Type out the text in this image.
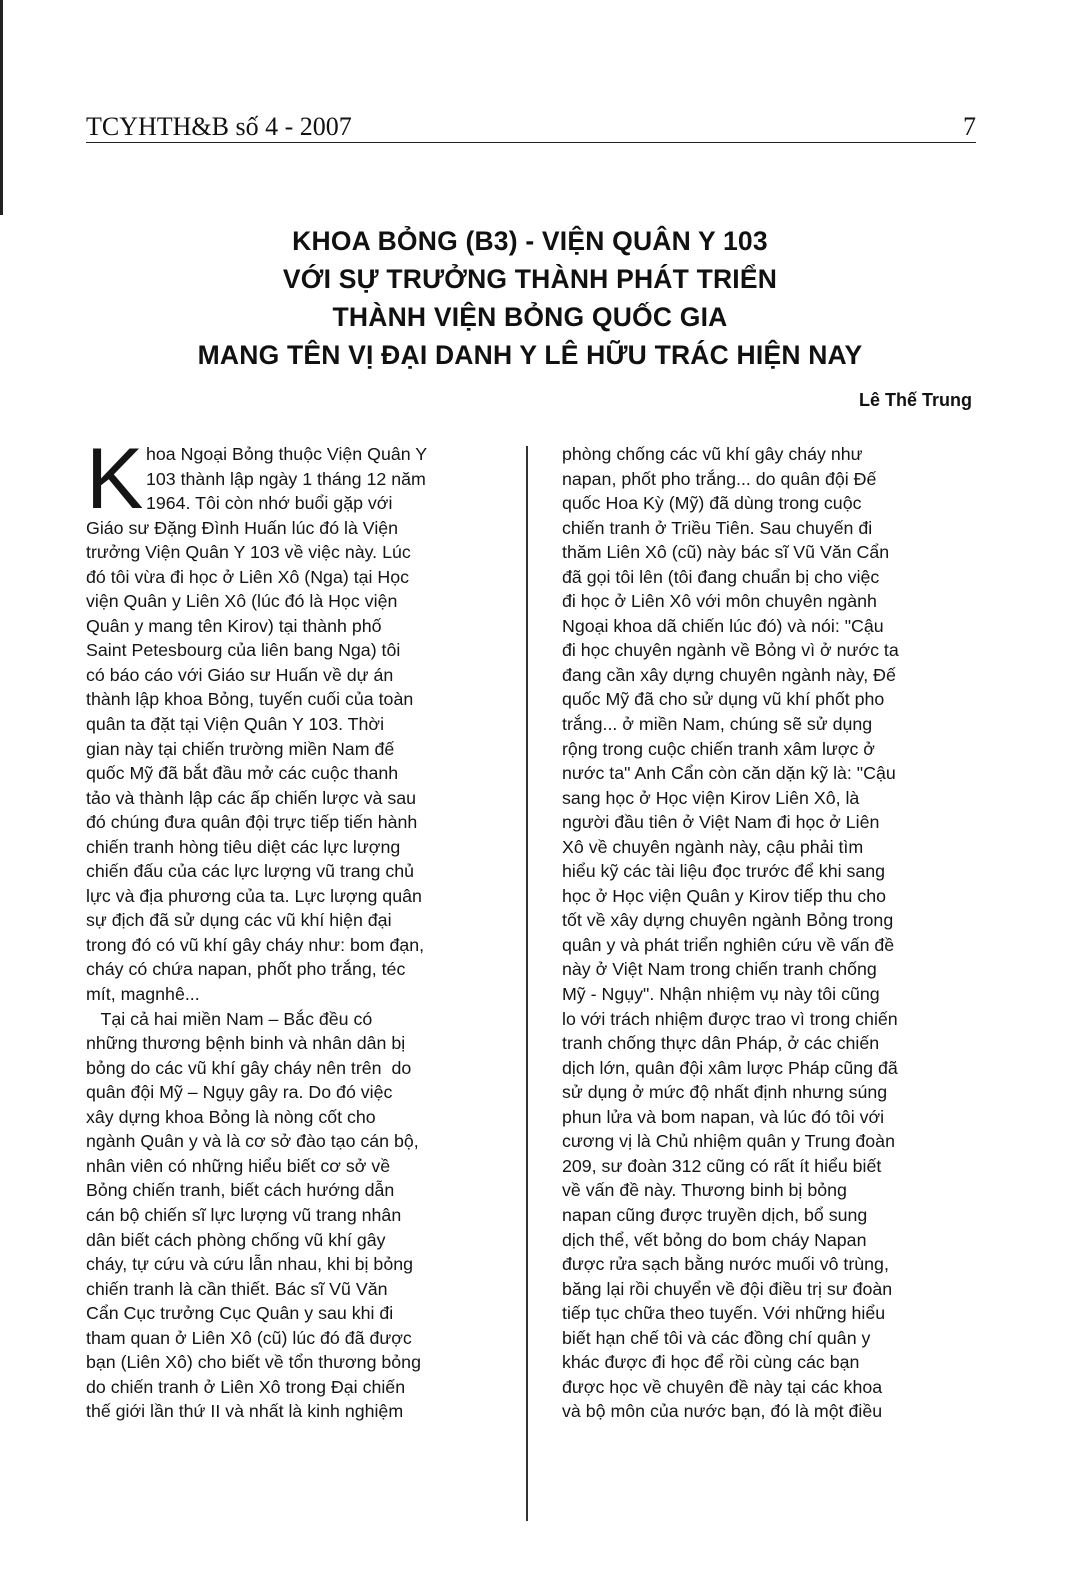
TCYHTH&B số 4 - 2007	7
KHOA BỎNG (B3) - VIỆN QUÂN Y 103
VỚI SỰ TRƯỞNG THÀNH PHÁT TRIỂN
THÀNH VIỆN BỎNG QUỐC GIA
MANG TÊN VỊ ĐẠI DANH Y LÊ HỮU TRÁC HIỆN NAY
Lê Thế Trung
K hoa Ngoại Bỏng thuộc Viện Quân Y
103 thành lập ngày 1 tháng 12 năm
1964. Tôi còn nhớ buổi gặp với
Giáo sư Đặng Đình Huấn lúc đó là Viện
trưởng Viện Quân Y 103 về việc này. Lúc
đó tôi vừa đi học ở Liên Xô (Nga) tại Học
viện Quân y Liên Xô (lúc đó là Học viện
Quân y mang tên Kirov) tại thành phố
Saint Petesbourg của liên bang Nga) tôi
có báo cáo với Giáo sư Huấn về dự án
thành lập khoa Bỏng, tuyến cuối của toàn
quân ta đặt tại Viện Quân Y 103. Thời
gian này tại chiến trường miền Nam đế
quốc Mỹ đã bắt đầu mở các cuộc thanh
tảo và thành lập các ấp chiến lược và sau
đó chúng đưa quân đội trực tiếp tiến hành
chiến tranh hòng tiêu diệt các lực lượng
chiến đấu của các lực lượng vũ trang chủ
lực và địa phương của ta. Lực lượng quân
sự địch đã sử dụng các vũ khí hiện đại
trong đó có vũ khí gây cháy như: bom đạn,
cháy có chứa napan, phốt pho trắng, téc
mít, magnhê...
Tại cả hai miền Nam – Bắc đều có
những thương bệnh binh và nhân dân bị
bỏng do các vũ khí gây cháy nên trên  do
quân đội Mỹ – Ngụy gây ra. Do đó việc
xây dựng khoa Bỏng là nòng cốt cho
ngành Quân y và là cơ sở đào tạo cán bộ,
nhân viên có những hiểu biết cơ sở về
Bỏng chiến tranh, biết cách hướng dẫn
cán bộ chiến sĩ lực lượng vũ trang nhân
dân biết cách phòng chống vũ khí gây
cháy, tự cứu và cứu lẫn nhau, khi bị bỏng
chiến tranh là cần thiết. Bác sĩ Vũ Văn
Cẩn Cục trưởng Cục Quân y sau khi đi
tham quan ở Liên Xô (cũ) lúc đó đã được
bạn (Liên Xô) cho biết về tổn thương bỏng
do chiến tranh ở Liên Xô trong Đại chiến
thế giới lần thứ II và nhất là kinh nghiệm
phòng chống các vũ khí gây cháy như
napan, phốt pho trắng... do quân đội Đế
quốc Hoa Kỳ (Mỹ) đã dùng trong cuộc
chiến tranh ở Triều Tiên. Sau chuyến đi
thăm Liên Xô (cũ) này bác sĩ Vũ Văn Cẩn
đã gọi tôi lên (tôi đang chuẩn bị cho việc
đi học ở Liên Xô với môn chuyên ngành
Ngoại khoa dã chiến lúc đó) và nói: "Cậu
đi học chuyên ngành về Bỏng vì ở nước ta
đang cần xây dựng chuyên ngành này, Đế
quốc Mỹ đã cho sử dụng vũ khí phốt pho
trắng... ở miền Nam, chúng sẽ sử dụng
rộng trong cuộc chiến tranh xâm lược ở
nước ta" Anh Cẩn còn căn dặn kỹ là: "Cậu
sang học ở Học viện Kirov Liên Xô, là
người đầu tiên ở Việt Nam đi học ở Liên
Xô về chuyên ngành này, cậu phải tìm
hiểu kỹ các tài liệu đọc trước để khi sang
học ở Học viện Quân y Kirov tiếp thu cho
tốt về xây dựng chuyên ngành Bỏng trong
quân y và phát triển nghiên cứu về vấn đề
này ở Việt Nam trong chiến tranh chống
Mỹ - Ngụy". Nhận nhiệm vụ này tôi cũng
lo với trách nhiệm được trao vì trong chiến
tranh chống thực dân Pháp, ở các chiến
dịch lớn, quân đội xâm lược Pháp cũng đã
sử dụng ở mức độ nhất định nhưng súng
phun lửa và bom napan, và lúc đó tôi với
cương vị là Chủ nhiệm quân y Trung đoàn
209, sư đoàn 312 cũng có rất ít hiểu biết
về vấn đề này. Thương binh bị bỏng
napan cũng được truyền dịch, bổ sung
dịch thể, vết bỏng do bom cháy Napan
được rửa sạch bằng nước muối vô trùng,
băng lại rồi chuyển về đội điều trị sư đoàn
tiếp tục chữa theo tuyến. Với những hiểu
biết hạn chế tôi và các đồng chí quân y
khác được đi học để rồi cùng các bạn
được học về chuyên đề này tại các khoa
và bộ môn của nước bạn, đó là một điều
